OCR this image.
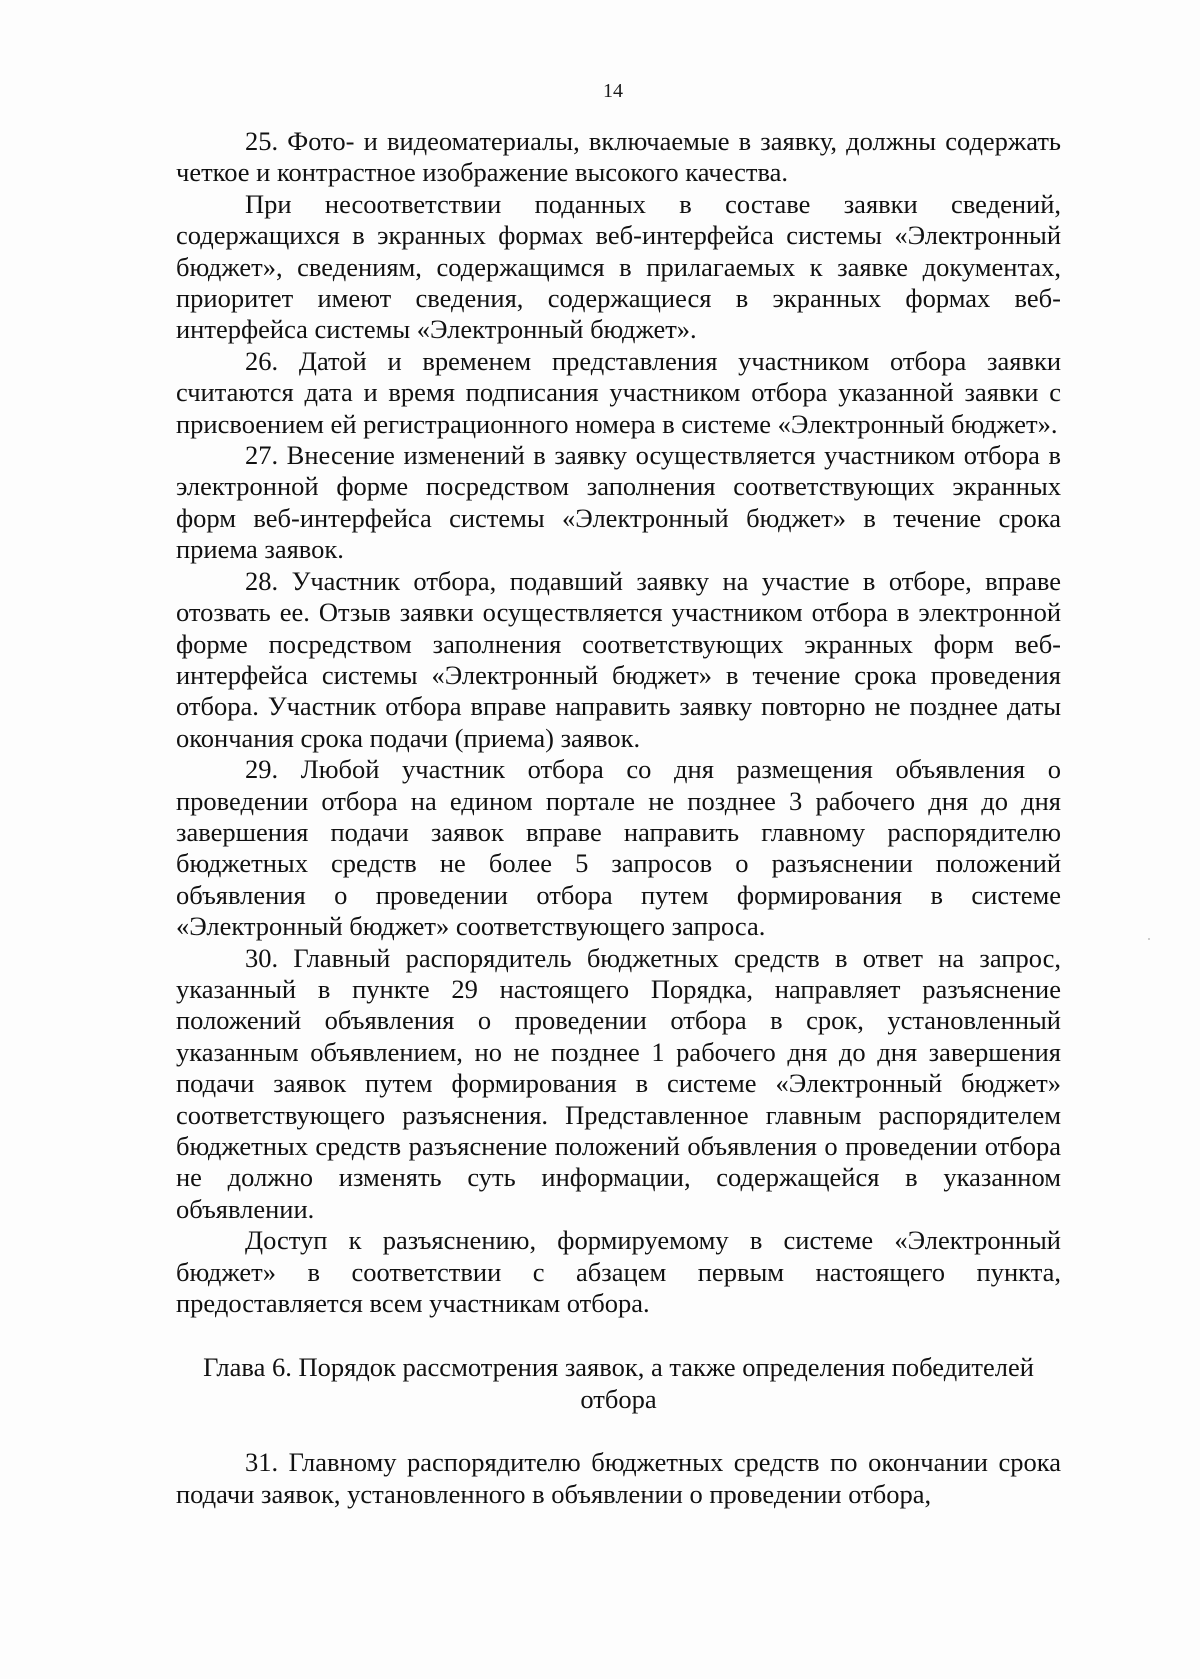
14

25. Фото- и видеоматериалы, включаемые в заявку, должны содержать четкое и контрастное изображение высокого качества.

При несоответствии поданных в составе заявки сведений, содержащихся в экранных формах веб-интерфейса системы «Электронный бюджет», сведениям, содержащимся в прилагаемых к заявке документах, приоритет имеют сведения, содержащиеся в экранных формах веб-интерфейса системы «Электронный бюджет».

26. Датой и временем представления участником отбора заявки считаются дата и время подписания участником отбора указанной заявки с присвоением ей регистрационного номера в системе «Электронный бюджет».

27. Внесение изменений в заявку осуществляется участником отбора в электронной форме посредством заполнения соответствующих экранных форм веб-интерфейса системы «Электронный бюджет» в течение срока приема заявок.

28. Участник отбора, подавший заявку на участие в отборе, вправе отозвать ее. Отзыв заявки осуществляется участником отбора в электронной форме посредством заполнения соответствующих экранных форм веб-интерфейса системы «Электронный бюджет» в течение срока проведения отбора. Участник отбора вправе направить заявку повторно не позднее даты окончания срока подачи (приема) заявок.

29. Любой участник отбора со дня размещения объявления о проведении отбора на едином портале не позднее 3 рабочего дня до дня завершения подачи заявок вправе направить главному распорядителю бюджетных средств не более 5 запросов о разъяснении положений объявления о проведении отбора путем формирования в системе «Электронный бюджет» соответствующего запроса.

30. Главный распорядитель бюджетных средств в ответ на запрос, указанный в пункте 29 настоящего Порядка, направляет разъяснение положений объявления о проведении отбора в срок, установленный указанным объявлением, но не позднее 1 рабочего дня до дня завершения подачи заявок путем формирования в системе «Электронный бюджет» соответствующего разъяснения. Представленное главным распорядителем бюджетных средств разъяснение положений объявления о проведении отбора не должно изменять суть информации, содержащейся в указанном объявлении.

Доступ к разъяснению, формируемому в системе «Электронный бюджет» в соответствии с абзацем первым настоящего пункта, предоставляется всем участникам отбора.

Глава 6. Порядок рассмотрения заявок, а также определения победителей отбора

31. Главному распорядителю бюджетных средств по окончании срока подачи заявок, установленного в объявлении о проведении отбора,
